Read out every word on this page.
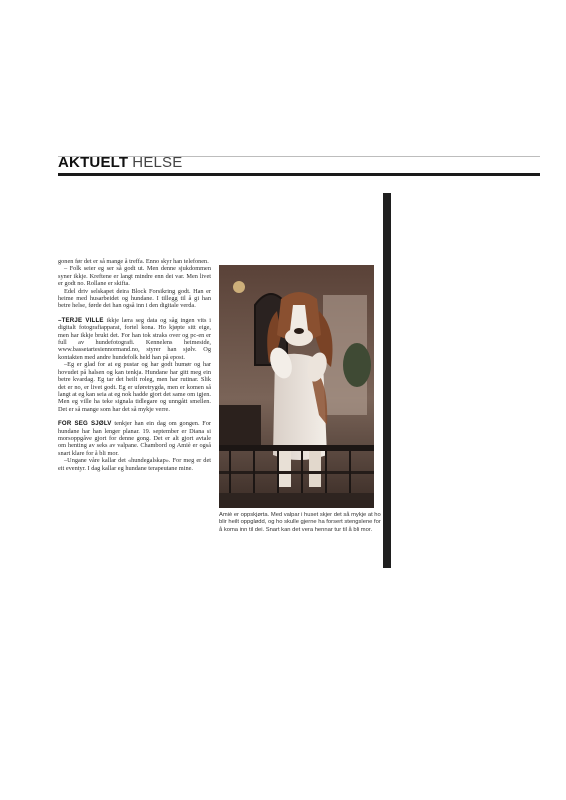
AKTUELT HELSE

gonen før det er så mange å treffa. Enno skyr han telefonen.

– Folk seier eg ser så godt ut. Men denne sjukdommen syner ikkje. Kreftene er langt mindre enn dei var. Men livet er godt no. Rollane er skifta.

Edel driv selskapet deira Block Forsikring godt. Han er heime med husarbeidet og hundane. I tillegg til å gi han betre helse, førde dei han også inn i den digitale verda.

–TERJE VILLE ikkje læra seg data og såg ingen vits i digitalt fotografiapparat, fortel kona. Ho kjøpte sitt eige, men har ikkje brukt det. For han tok straks over og pc-en er full av hundefotografi. Kennelens heimeside, www.bassetartesiennormand.no, styrer han sjølv. Og kontakten med andre hundefolk held han på epost.

–Eg er glad for at eg pustar og har godt humør og har hovudet på halsen og kan tenkja. Hundane har gitt meg ein betre kvardag. Eg tar det heilt roleg, men har rutinar. Slik det er no, er livet godt. Eg er uføretrygda, men er komen så langt at eg kan seia at eg nok hadde gjort det same om igjen. Men eg ville ha teke signala tidlegare og unngått smellen. Det er så mange som har det så mykje verre.

FOR SEG SJØLV tenkjer han ein dag om gongen. For hundane har han lenger planar. 19. september er Diana si morsoppgåve gjort for denne gong. Det er alt gjort avtale om henting av seks av valpane. Chambord og Amiè er også snart klare for å bli mor.

–Ungane våre kallar det «hundegalskap». For meg er det eit eventyr. I dag kallar eg hundane terapeutane mine.

Amiè er oppskjørta. Med valpar i huset skjer det så mykje at ho blir heilt oppglødd, og ho skulle gjerne ha forsert stengslene for å koma inn til dei. Snart kan det vera hennar tur til å bli mor.
